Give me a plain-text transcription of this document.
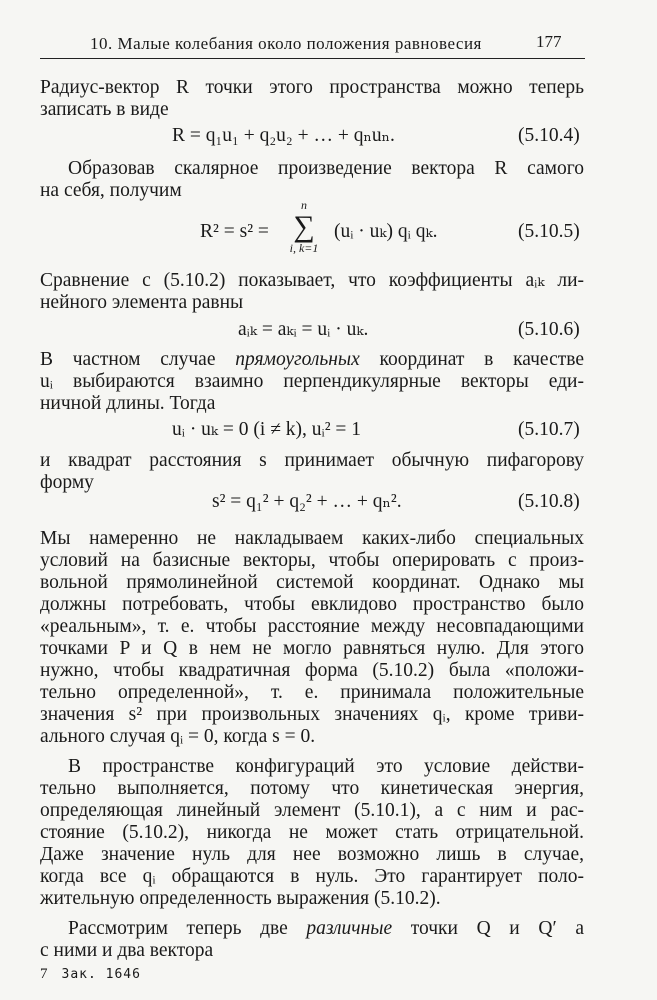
10. Малые колебания около положения равновесия	177
Радиус-вектор R точки этого пространства можно теперь
записать в виде
R = q₁u₁ + q₂u₂ + … + qₙuₙ.	(5.10.4)
Образовав скалярное произведение вектора R самого
на себя, получим
R² = s² =
n
∑
i, k=1
(uᵢ · uₖ) qᵢ qₖ.	(5.10.5)
Сравнение с (5.10.2) показывает, что коэффициенты aᵢₖ ли-
нейного элемента равны
aᵢₖ = aₖᵢ = uᵢ · uₖ.	(5.10.6)
В частном случае прямоугольных координат в качестве
uᵢ выбираются взаимно перпендикулярные векторы еди-
ничной длины. Тогда
uᵢ · uₖ = 0 (i ≠ k), uᵢ² = 1	(5.10.7)
и квадрат расстояния s принимает обычную пифагорову
форму
s² = q₁² + q₂² + … + qₙ².	(5.10.8)
Мы намеренно не накладываем каких-либо специальных
условий на базисные векторы, чтобы оперировать с произ-
вольной прямолинейной системой координат. Однако мы
должны потребовать, чтобы евклидово пространство было
«реальным», т. е. чтобы расстояние между несовпадающими
точками P и Q в нем не могло равняться нулю. Для этого
нужно, чтобы квадратичная форма (5.10.2) была «положи-
тельно определенной», т. е. принимала положительные
значения s² при произвольных значениях qᵢ, кроме триви-
ального случая qᵢ = 0, когда s = 0.
В пространстве конфигураций это условие действи-
тельно выполняется, потому что кинетическая энергия,
определяющая линейный элемент (5.10.1), а с ним и рас-
стояние (5.10.2), никогда не может стать отрицательной.
Даже значение нуль для нее возможно лишь в случае,
когда все qᵢ обращаются в нуль. Это гарантирует поло-
жительную определенность выражения (5.10.2).
Рассмотрим теперь две различные точки Q и Q′ а
с ними и два вектора
7 Зак. 1646
